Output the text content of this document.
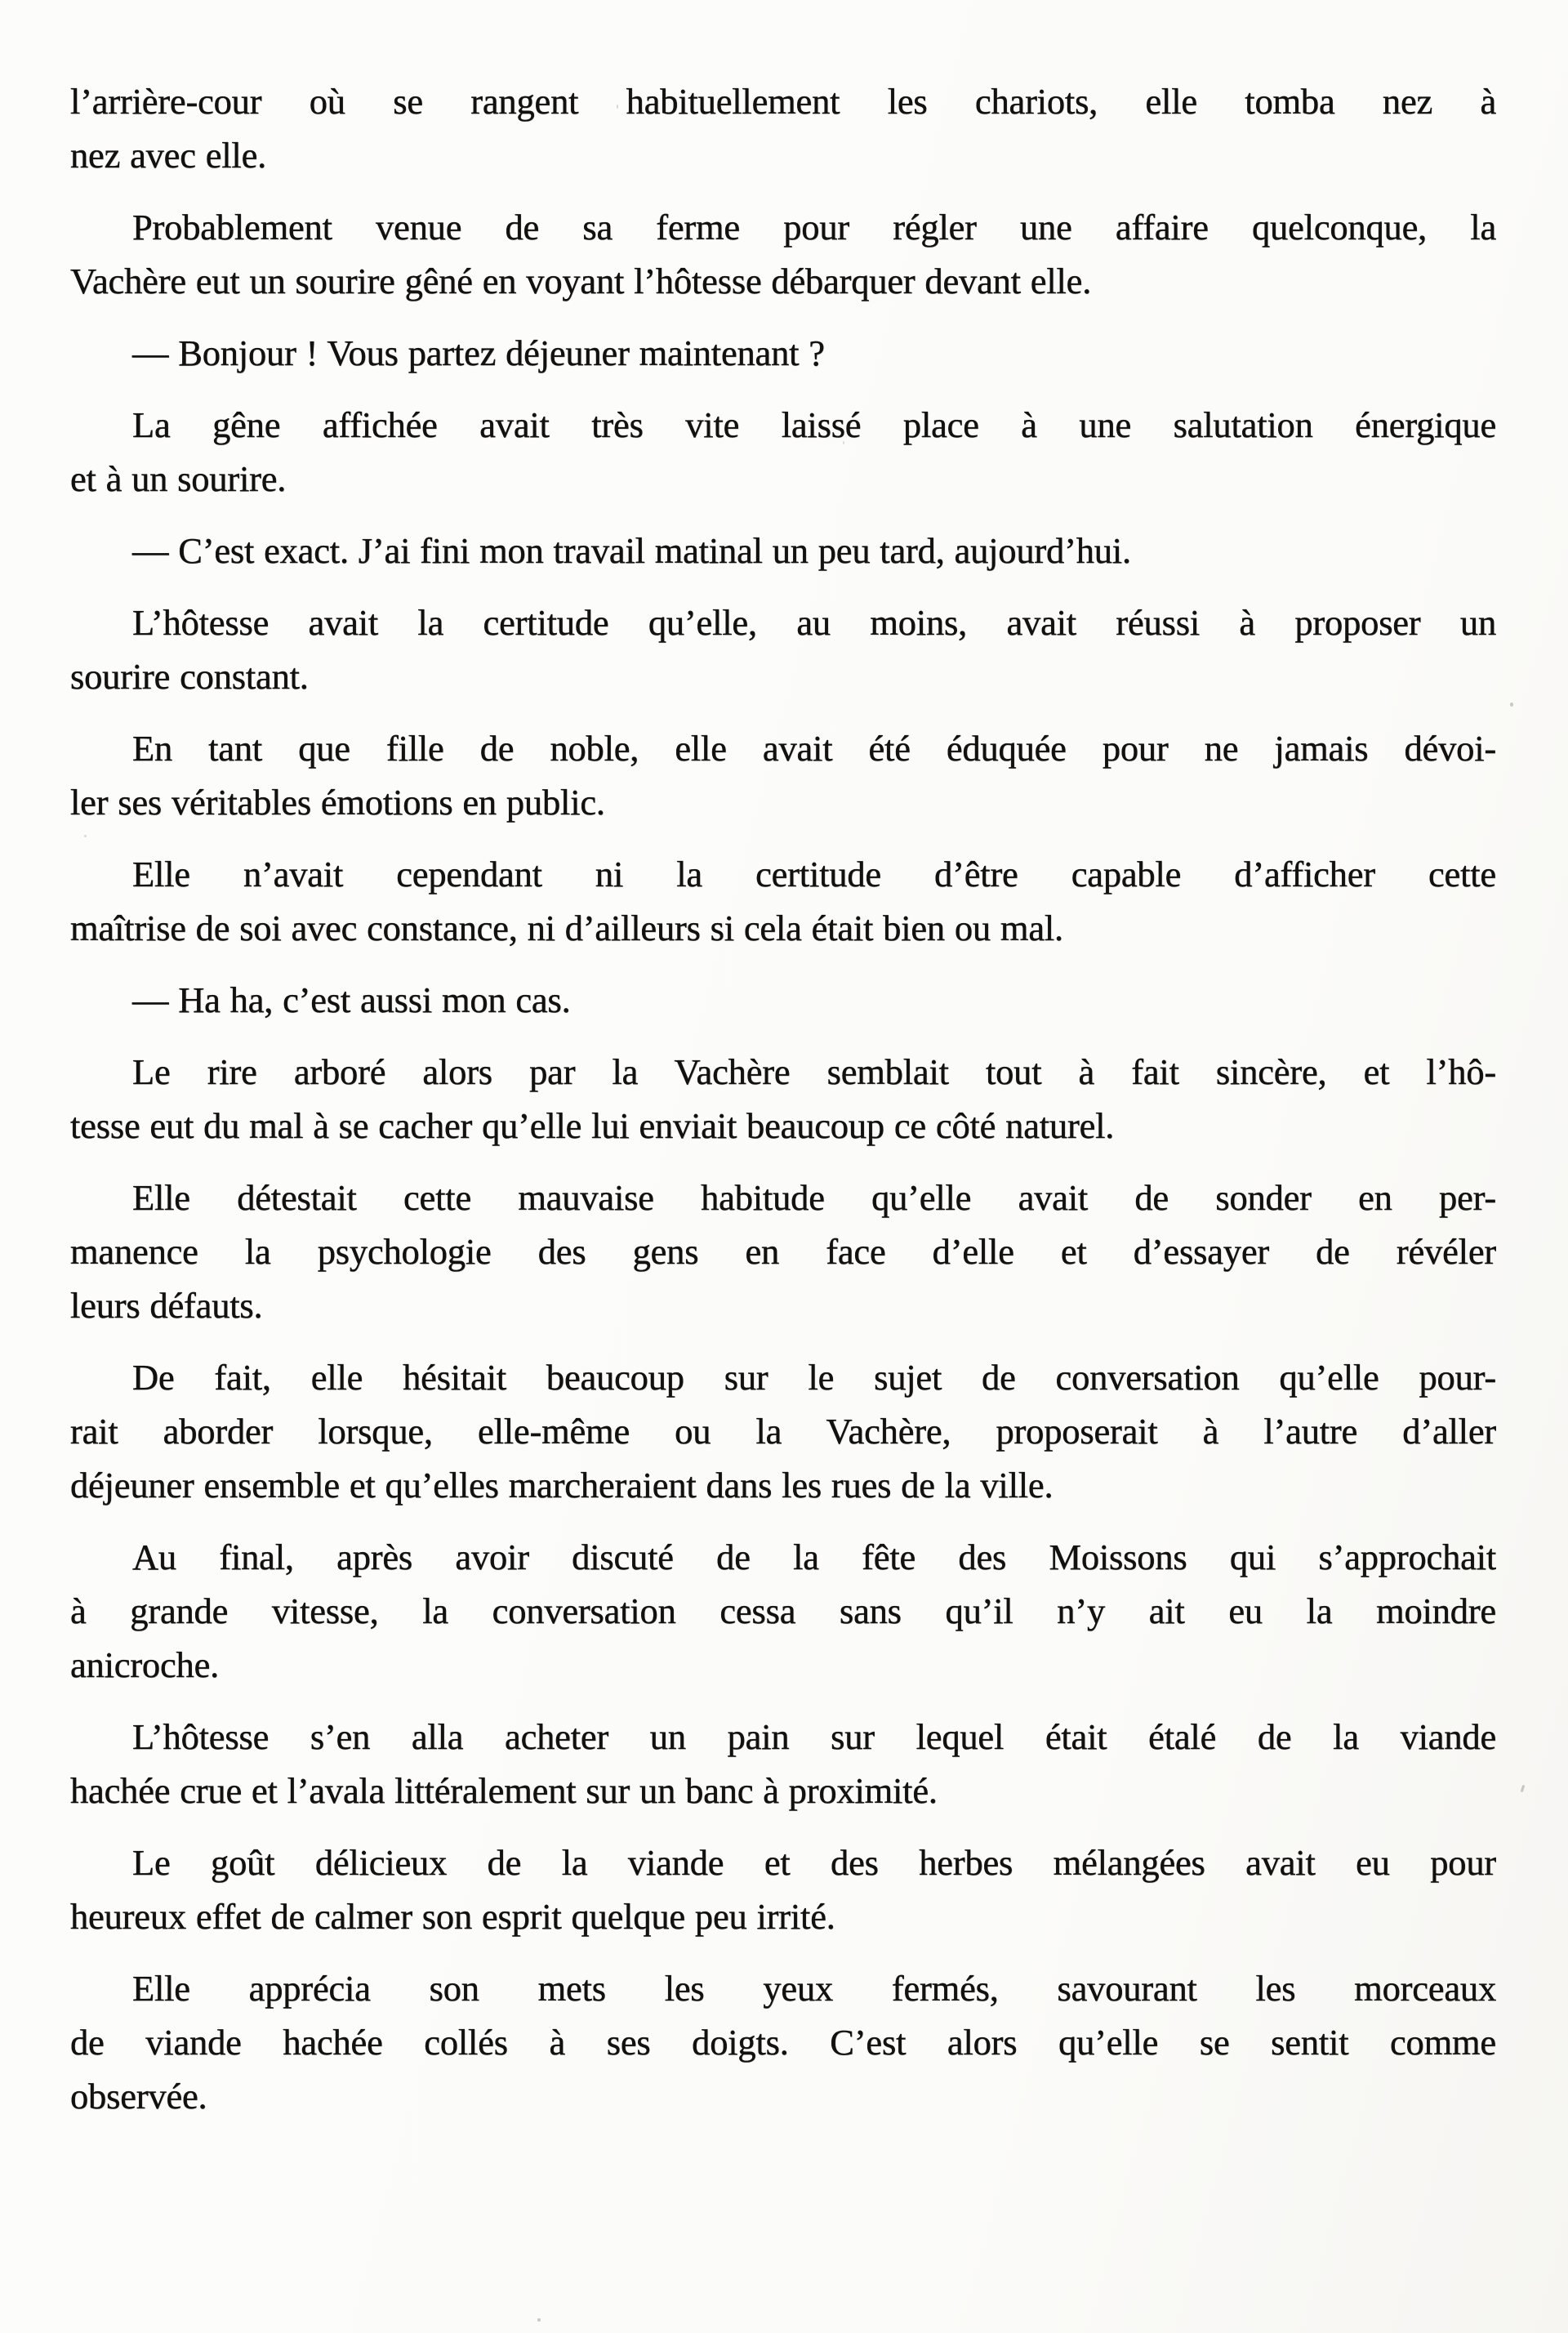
l’arrière-cour où se rangent habituellement les chariots, elle tomba nez à
nez avec elle.

Probablement venue de sa ferme pour régler une affaire quelconque, la
Vachère eut un sourire gêné en voyant l’hôtesse débarquer devant elle.

— Bonjour ! Vous partez déjeuner maintenant ?

La gêne affichée avait très vite laissé place à une salutation énergique
et à un sourire.

— C’est exact. J’ai fini mon travail matinal un peu tard, aujourd’hui.

L’hôtesse avait la certitude qu’elle, au moins, avait réussi à proposer un
sourire constant.

En tant que fille de noble, elle avait été éduquée pour ne jamais dévoi-
ler ses véritables émotions en public.

Elle n’avait cependant ni la certitude d’être capable d’afficher cette
maîtrise de soi avec constance, ni d’ailleurs si cela était bien ou mal.

— Ha ha, c’est aussi mon cas.

Le rire arboré alors par la Vachère semblait tout à fait sincère, et l’hô-
tesse eut du mal à se cacher qu’elle lui enviait beaucoup ce côté naturel.

Elle détestait cette mauvaise habitude qu’elle avait de sonder en per-
manence la psychologie des gens en face d’elle et d’essayer de révéler
leurs défauts.

De fait, elle hésitait beaucoup sur le sujet de conversation qu’elle pour-
rait aborder lorsque, elle-même ou la Vachère, proposerait à l’autre d’aller
déjeuner ensemble et qu’elles marcheraient dans les rues de la ville.

Au final, après avoir discuté de la fête des Moissons qui s’approchait
à grande vitesse, la conversation cessa sans qu’il n’y ait eu la moindre
anicroche.

L’hôtesse s’en alla acheter un pain sur lequel était étalé de la viande
hachée crue et l’avala littéralement sur un banc à proximité.

Le goût délicieux de la viande et des herbes mélangées avait eu pour
heureux effet de calmer son esprit quelque peu irrité.

Elle apprécia son mets les yeux fermés, savourant les morceaux
de viande hachée collés à ses doigts. C’est alors qu’elle se sentit comme
observée.
